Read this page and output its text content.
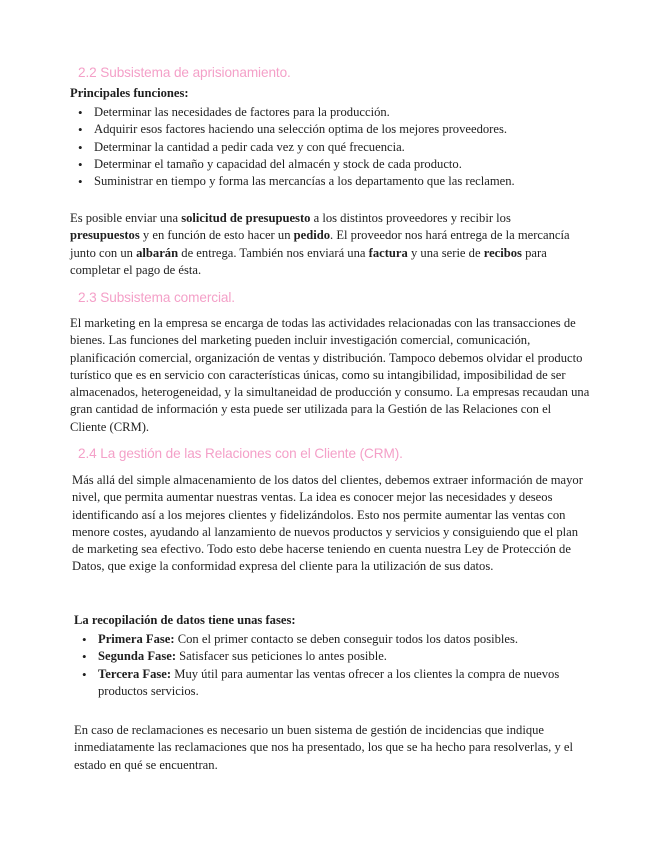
2.2 Subsistema de aprisionamiento.
Principales funciones:
• Determinar las necesidades de factores para la producción.
• Adquirir esos factores haciendo una selección optima de los mejores proveedores.
• Determinar la cantidad a pedir cada vez y con qué frecuencia.
• Determinar el tamaño y capacidad del almacén y stock de cada producto.
• Suministrar en tiempo y forma las mercancías a los departamento que las reclamen.

Es posible enviar una solicitud de presupuesto a los distintos proveedores y recibir los presupuestos y en función de esto hacer un pedido. El proveedor nos hará entrega de la mercancía junto con un albarán de entrega. También nos enviará una factura y una serie de recibos para completar el pago de ésta.

2.3 Subsistema comercial.

El marketing en la empresa se encarga de todas las actividades relacionadas con las transacciones de bienes. Las funciones del marketing pueden incluir investigación comercial, comunicación, planificación comercial, organización de ventas y distribución. Tampoco debemos olvidar el producto turístico que es en servicio con características únicas, como su intangibilidad, imposibilidad de ser almacenados, heterogeneidad, y la simultaneidad de producción y consumo. La empresas recaudan una gran cantidad de información y esta puede ser utilizada para la Gestión de las Relaciones con el Cliente (CRM).

2.4 La gestión de las Relaciones con el Cliente (CRM).

Más allá del simple almacenamiento de los datos del clientes, debemos extraer información de mayor nivel, que permita aumentar nuestras ventas. La idea es conocer mejor las necesidades y deseos identificando así a los mejores clientes y fidelizándolos. Esto nos permite aumentar las ventas con menore costes, ayudando al lanzamiento de nuevos productos y servicios y consiguiendo que el plan de marketing sea efectivo. Todo esto debe hacerse teniendo en cuenta nuestra Ley de Protección de Datos, que exige la conformidad expresa del cliente para la utilización de sus datos.

La recopilación de datos tiene unas fases:
• Primera Fase: Con el primer contacto se deben conseguir todos los datos posibles.
• Segunda Fase: Satisfacer sus peticiones lo antes posible.
• Tercera Fase: Muy útil para aumentar las ventas ofrecer a los clientes la compra de nuevos productos servicios.

En caso de reclamaciones es necesario un buen sistema de gestión de incidencias que indique inmediatamente las reclamaciones que nos ha presentado, los que se ha hecho para resolverlas, y el estado en qué se encuentran.
